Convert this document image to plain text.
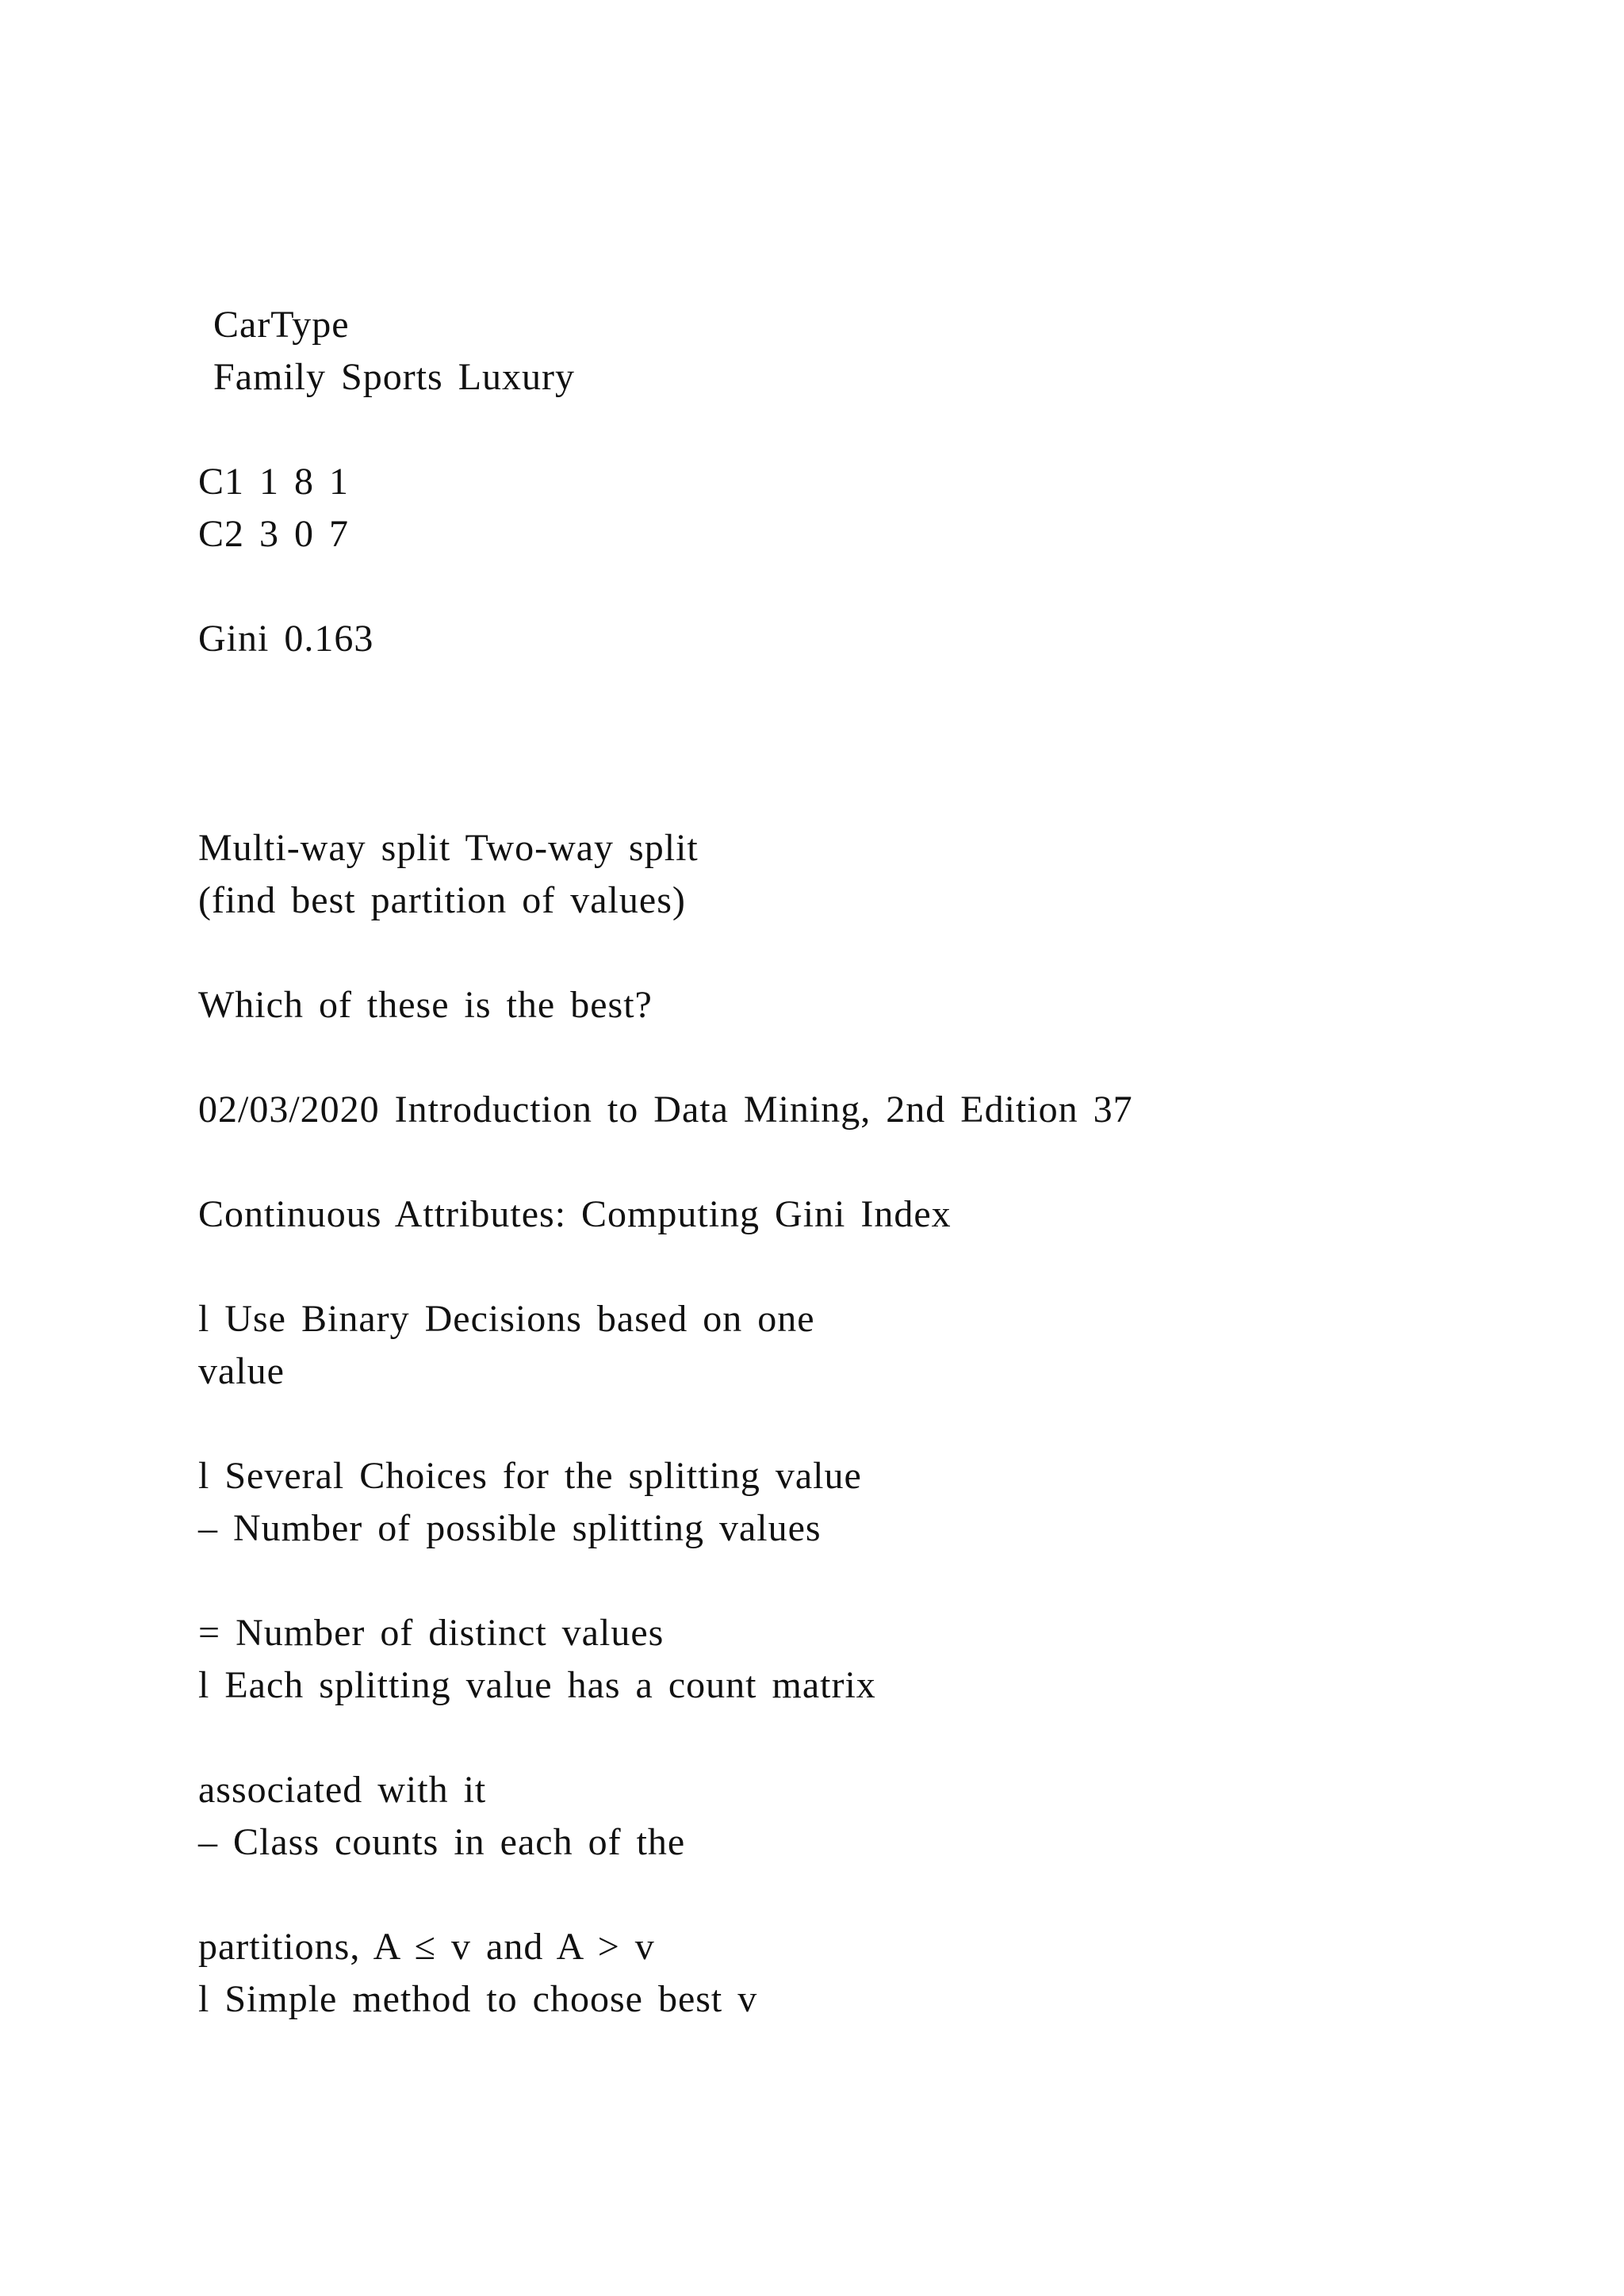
CarType
Family Sports Luxury
C1 1 8 1
C2 3 0 7
Gini 0.163
Multi-way split Two-way split
(find best partition of values)
Which of these is the best?
02/03/2020 Introduction to Data Mining, 2nd Edition 37
Continuous Attributes: Computing Gini Index
l Use Binary Decisions based on one
value
l Several Choices for the splitting value
– Number of possible splitting values
= Number of distinct values
l Each splitting value has a count matrix
associated with it
– Class counts in each of the
partitions, A ≤ v and A > v
l Simple method to choose best v
